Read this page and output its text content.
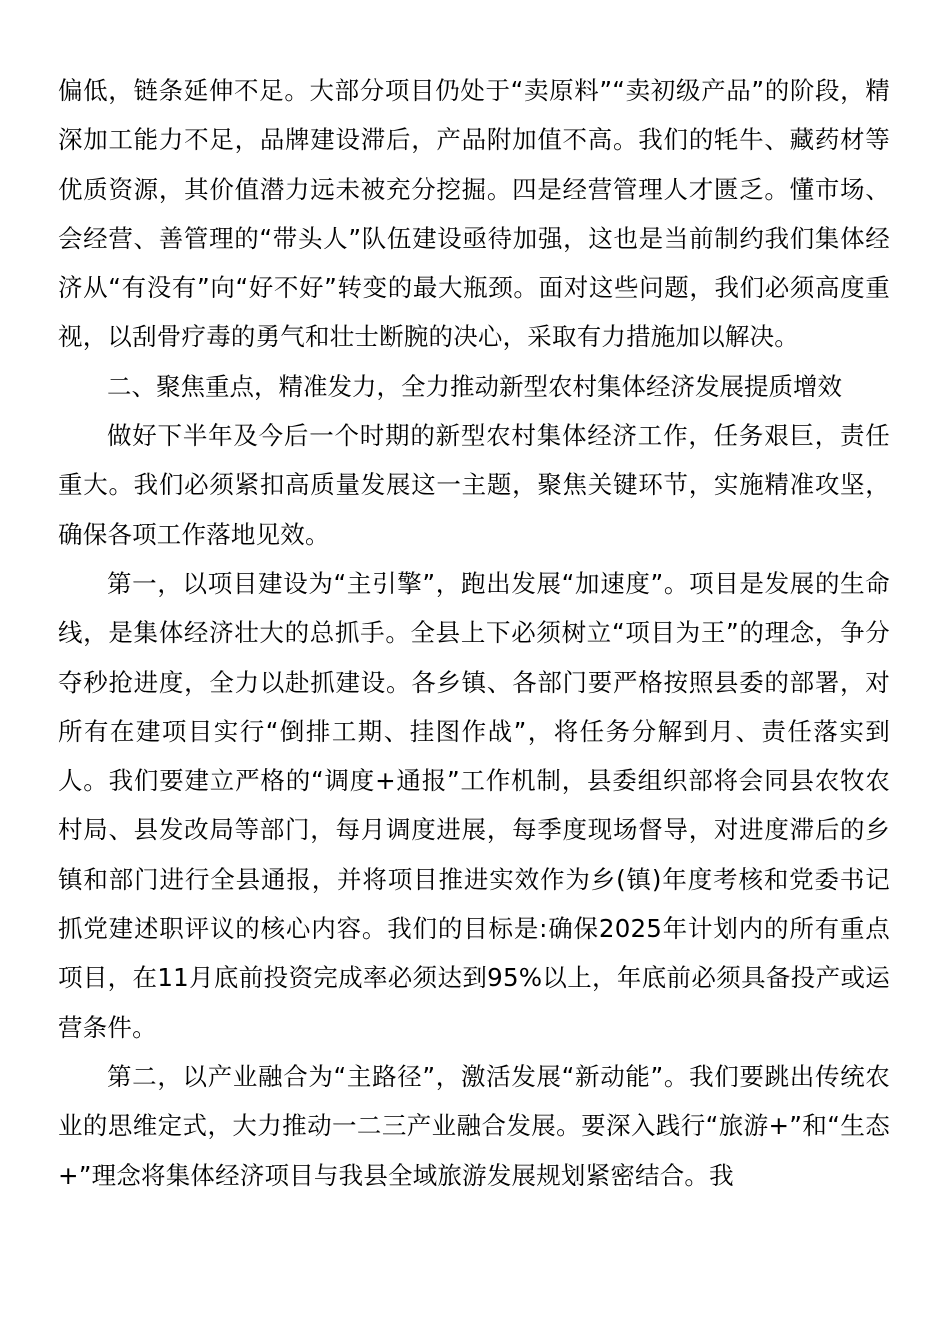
偏低，链条延伸不足。大部分项目仍处于“卖原料”“卖初级产品”的阶段，精深加工能力不足，品牌建设滞后，产品附加值不高。我们的牦牛、藏药材等优质资源，其价值潜力远未被充分挖掘。四是经营管理人才匮乏。懂市场、会经营、善管理的“带头人”队伍建设亟待加强，这也是当前制约我们集体经济从“有没有”向“好不好”转变的最大瓶颈。面对这些问题，我们必须高度重视，以刮骨疗毒的勇气和壮士断腕的决心，采取有力措施加以解决。

二、聚焦重点，精准发力，全力推动新型农村集体经济发展提质增效

做好下半年及今后一个时期的新型农村集体经济工作，任务艰巨，责任重大。我们必须紧扣高质量发展这一主题，聚焦关键环节，实施精准攻坚，确保各项工作落地见效。

第一，以项目建设为“主引擎”，跑出发展“加速度”。项目是发展的生命线，是集体经济壮大的总抓手。全县上下必须树立“项目为王”的理念，争分夺秒抢进度，全力以赴抓建设。各乡镇、各部门要严格按照县委的部署，对所有在建项目实行“倒排工期、挂图作战”，将任务分解到月、责任落实到人。我们要建立严格的“调度+通报”工作机制，县委组织部将会同县农牧农村局、县发改局等部门，每月调度进展，每季度现场督导，对进度滞后的乡镇和部门进行全县通报，并将项目推进实效作为乡(镇)年度考核和党委书记抓党建述职评议的核心内容。我们的目标是:确保2025年计划内的所有重点项目，在11月底前投资完成率必须达到95%以上，年底前必须具备投产或运营条件。

第二，以产业融合为“主路径”，激活发展“新动能”。我们要跳出传统农业的思维定式，大力推动一二三产业融合发展。要深入践行“旅游+”和“生态+”理念将集体经济项目与我县全域旅游发展规划紧密结合。我
